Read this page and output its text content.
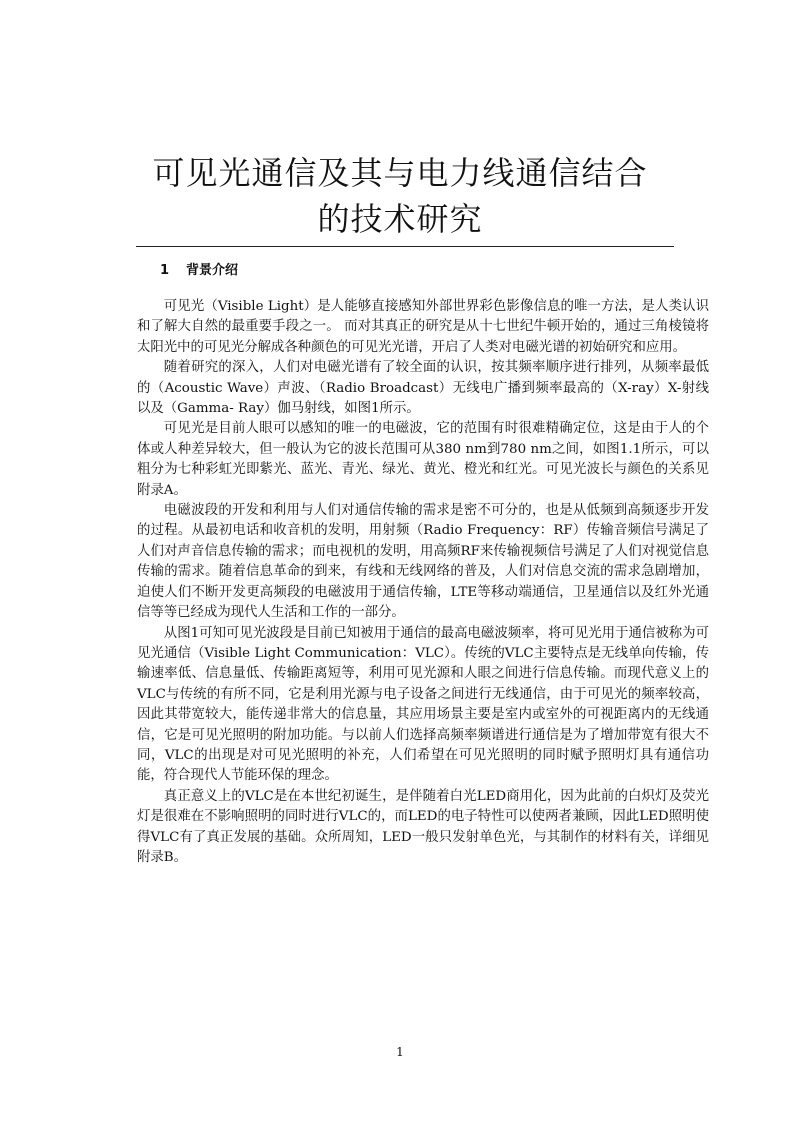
可见光通信及其与电力线通信结合
的技术研究
1 背景介绍

可见光（Visible Light）是人能够直接感知外部世界彩色影像信息的唯一方法，是人类认识和了解大自然的最重要手段之一。 而对其真正的研究是从十七世纪牛顿开始的，通过三角棱镜将太阳光中的可见光分解成各种颜色的可见光光谱，开启了人类对电磁光谱的初始研究和应用。

随着研究的深入，人们对电磁光谱有了较全面的认识，按其频率顺序进行排列，从频率最低的（Acoustic Wave）声波、（Radio Broadcast）无线电广播到频率最高的（X-ray）X-射线以及（Gamma- Ray）伽马射线，如图1所示。

可见光是目前人眼可以感知的唯一的电磁波，它的范围有时很难精确定位，这是由于人的个体或人种差异较大，但一般认为它的波长范围可从380 nm到780 nm之间，如图1.1所示，可以粗分为七种彩虹光即紫光、蓝光、青光、绿光、黄光、橙光和红光。可见光波长与颜色的关系见附录A。

电磁波段的开发和利用与人们对通信传输的需求是密不可分的，也是从低频到高频逐步开发的过程。从最初电话和收音机的发明，用射频（Radio Frequency：RF）传输音频信号满足了人们对声音信息传输的需求；而电视机的发明，用高频RF来传输视频信号满足了人们对视觉信息传输的需求。随着信息革命的到来，有线和无线网络的普及，人们对信息交流的需求急剧增加，迫使人们不断开发更高频段的电磁波用于通信传输，LTE等移动端通信，卫星通信以及红外光通信等等已经成为现代人生活和工作的一部分。

从图1可知可见光波段是目前已知被用于通信的最高电磁波频率，将可见光用于通信被称为可见光通信（Visible Light Communication：VLC）。传统的VLC主要特点是无线单向传输，传输速率低、信息量低、传输距离短等，利用可见光源和人眼之间进行信息传输。而现代意义上的VLC与传统的有所不同，它是利用光源与电子设备之间进行无线通信，由于可见光的频率较高，因此其带宽较大，能传递非常大的信息量，其应用场景主要是室内或室外的可视距离内的无线通信，它是可见光照明的附加功能。与以前人们选择高频率频谱进行通信是为了增加带宽有很大不同，VLC的出现是对可见光照明的补充，人们希望在可见光照明的同时赋予照明灯具有通信功能，符合现代人节能环保的理念。

真正意义上的VLC是在本世纪初诞生，是伴随着白光LED商用化，因为此前的白炽灯及荧光灯是很难在不影响照明的同时进行VLC的，而LED的电子特性可以使两者兼顾，因此LED照明使得VLC有了真正发展的基础。众所周知，LED一般只发射单色光，与其制作的材料有关，详细见附录B。

1
